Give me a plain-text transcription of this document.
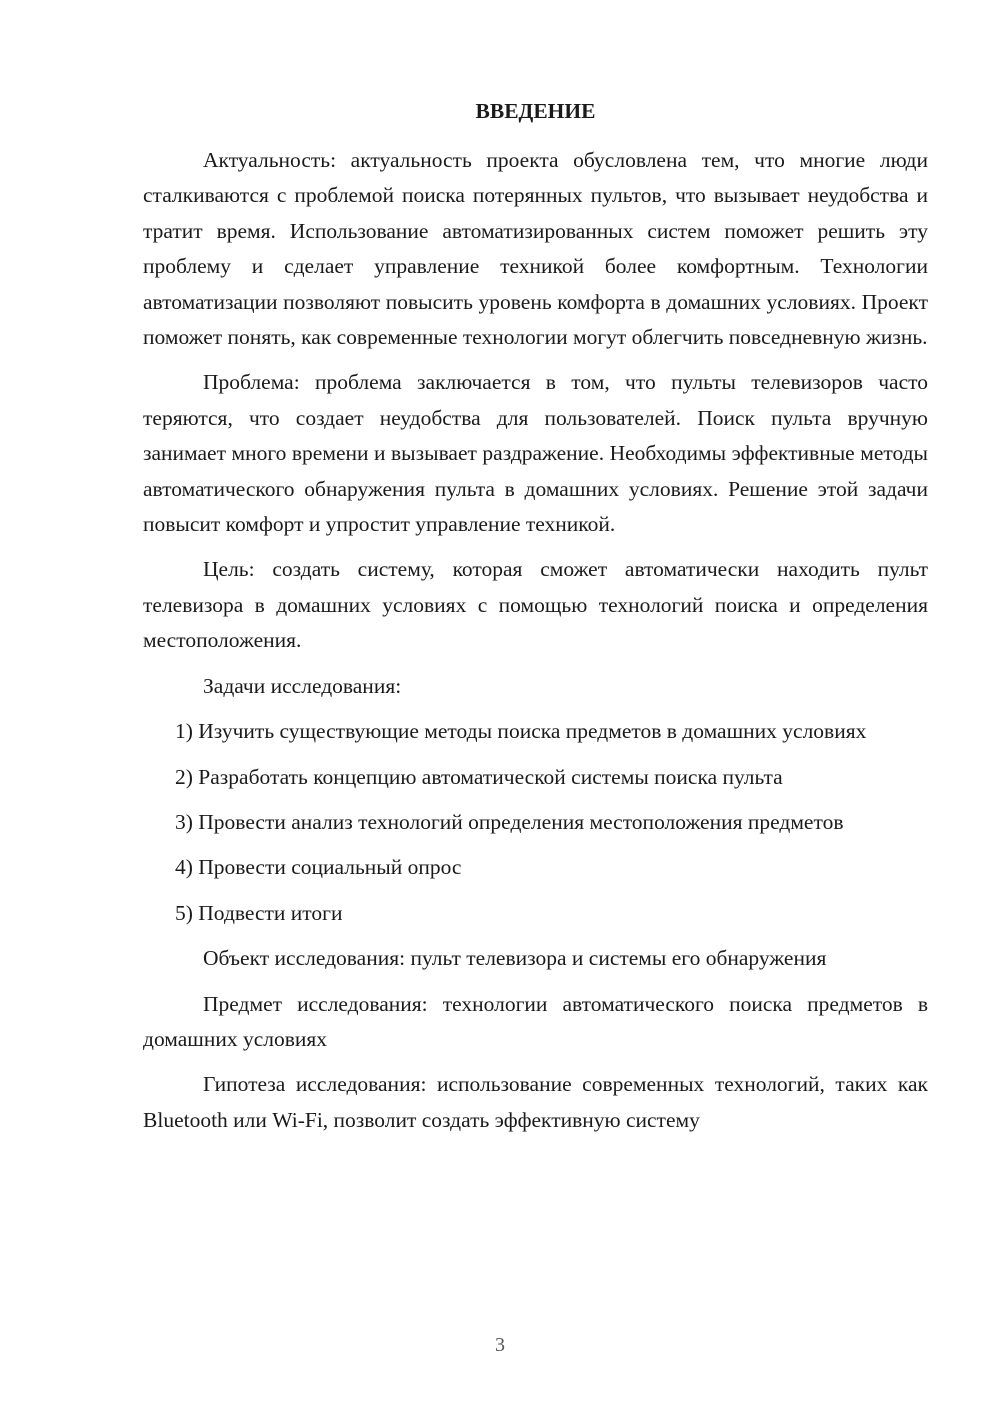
ВВЕДЕНИЕ

Актуальность: актуальность проекта обусловлена тем, что многие люди сталкиваются с проблемой поиска потерянных пультов, что вызывает неудобства и тратит время. Использование автоматизированных систем поможет решить эту проблему и сделает управление техникой более комфортным. Технологии автоматизации позволяют повысить уровень комфорта в домашних условиях. Проект поможет понять, как современные технологии могут облегчить повседневную жизнь.

Проблема: проблема заключается в том, что пульты телевизоров часто теряются, что создает неудобства для пользователей. Поиск пульта вручную занимает много времени и вызывает раздражение. Необходимы эффективные методы автоматического обнаружения пульта в домашних условиях. Решение этой задачи повысит комфорт и упростит управление техникой.

Цель: создать систему, которая сможет автоматически находить пульт телевизора в домашних условиях с помощью технологий поиска и определения местоположения.

Задачи исследования:

1) Изучить существующие методы поиска предметов в домашних условиях
2) Разработать концепцию автоматической системы поиска пульта
3) Провести анализ технологий определения местоположения предметов
4) Провести социальный опрос
5) Подвести итоги

Объект исследования: пульт телевизора и системы его обнаружения

Предмет исследования: технологии автоматического поиска предметов в домашних условиях

Гипотеза исследования: использование современных технологий, таких как Bluetooth или Wi-Fi, позволит создать эффективную систему

3
